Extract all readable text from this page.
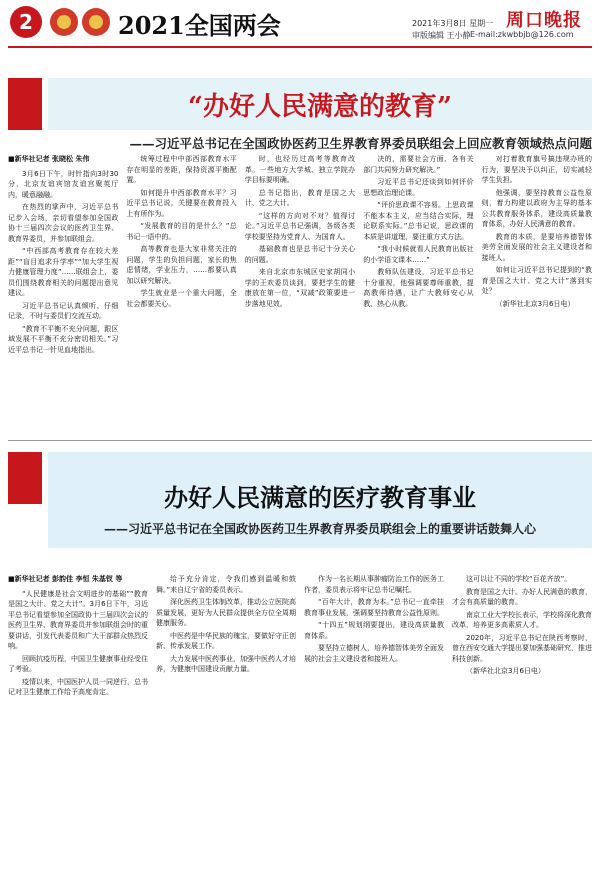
2	2021全国两会	2021年3月8日 星期一
审版编辑 王小静
周口晚报
E-mail:zkwbbjb@126.com
“办好人民满意的教育”
——习近平总书记在全国政协医药卫生界教育界委员联组会上回应教育领域热点问题
■新华社记者 张晓松 朱伟

3月6日下午，时针指向3时30分，北京友谊宾馆友谊宫聚英厅内，暖意融融。

在热烈的掌声中，习近平总书记步入会场，亲切看望参加全国政协十三届四次会议的医药卫生界、教育界委员，并参加联组会。

“中西部高考教育存在较大差距”“盲目追求升学率”“加大学生视力健康管理力度”……联组会上，委员们围绕教育相关的问题提出意见建议。

习近平总书记认真倾听、仔细记录，不时与委员们交流互动。

“教育不平衡不充分问题，跟区域发展不平衡不充分密切相关。”习近平总书记一针见血地指出。

统筹过程中中部西部教育水平存在明显的差距，保持资源平衡配置。

如何提升中西部教育水平？习近平总书记说，关键要在教育投入上有所作为。

“发展教育的目的是什么？”总书记一语中的。

高等教育也是大家非常关注的问题，学生的负担问题，家长的焦虑情绪，学业压力，……都要认真加以研究解决。

学生就业是一个重大问题，全社会都要关心。

时，也经历过高考等教育改革。一些地方大学城、独立学院办学目标要明确。

总书记指出，教育是国之大计、党之大计。

“这样的方向对不对？值得讨论。”习近平总书记强调，各级各类学校要坚持为党育人、为国育人。

基础教育也是总书记十分关心的问题。

来自北京市东城区史家胡同小学的王欢委员谈到，要把学生的健康放在第一位，“双减”政策要进一步落地见效。

决的，需要社会方面、各有关部门共同努力研究解决。”

习近平总书记还谈到如何评价思想政治理论课。

“评价思政课不容易。上思政课不能本本主义，应当结合实际，理论联系实际。”总书记说，思政课的本质是讲道理，要注重方式方法。

“我小时候就看人民教育出版社的小学语文课本……”

教师队伍建设，习近平总书记十分重视，他强调要尊师重教，提高教师待遇，让广大教师安心从教、热心从教。

对打着教育旗号搞违规办班的行为，要坚决予以纠正，切实减轻学生负担。

他强调，要坚持教育公益性原则，着力构建以政府为主导的基本公共教育服务体系，建设高质量教育体系，办好人民满意的教育。

教育的本质，是要培养德智体美劳全面发展的社会主义建设者和接班人。

如何让习近平总书记提到的“教育是国之大计、党之大计”落到实处？

（新华社北京3月6日电）

办好人民满意的医疗教育事业
——习近平总书记在全国政协医药卫生界教育界委员联组会上的重要讲话鼓舞人心
■新华社记者 彭韵佳 李恒 朱基钗 等

“人民健康是社会文明进步的基础”“教育是国之大计、党之大计”。3月6日下午，习近平总书记看望参加全国政协十三届四次会议的医药卫生界、教育界委员并参加联组会时的重要讲话，引发代表委员和广大干部群众热烈反响。

回顾抗疫历程，中国卫生健康事业经受住了考验。

疫情以来，中国医护人员一同逆行，总书记对卫生健康工作给予高度肯定。

给予充分肯定，令我们感到温暖和鼓舞。”来自辽宁省的委员表示。

深化医药卫生体制改革，推动公立医院高质量发展，更好为人民群众提供全方位全周期健康服务。

中医药是中华民族的瑰宝，要做好守正创新、传承发展工作。

大力发展中医药事业，加强中医药人才培养，为健康中国建设贡献力量。

作为一名长期从事肿瘤防治工作的医务工作者，委员表示将牢记总书记嘱托。

“百年大计，教育为本。”总书记一直牵挂教育事业发展，强调要坚持教育公益性原则。

“十四五”规划纲要提出，建设高质量教育体系。

要坚持立德树人，培养德智体美劳全面发展的社会主义建设者和接班人。

这可以让不同的学校“百花齐放”。

教育是国之大计。办好人民满意的教育，才会有高质量的教育。

南京工业大学校长表示，学校将深化教育改革，培养更多高素质人才。

2020年，习近平总书记在陕西考察时，曾在西安交通大学提出要加强基础研究，推进科技创新。

（新华社北京3月6日电）
